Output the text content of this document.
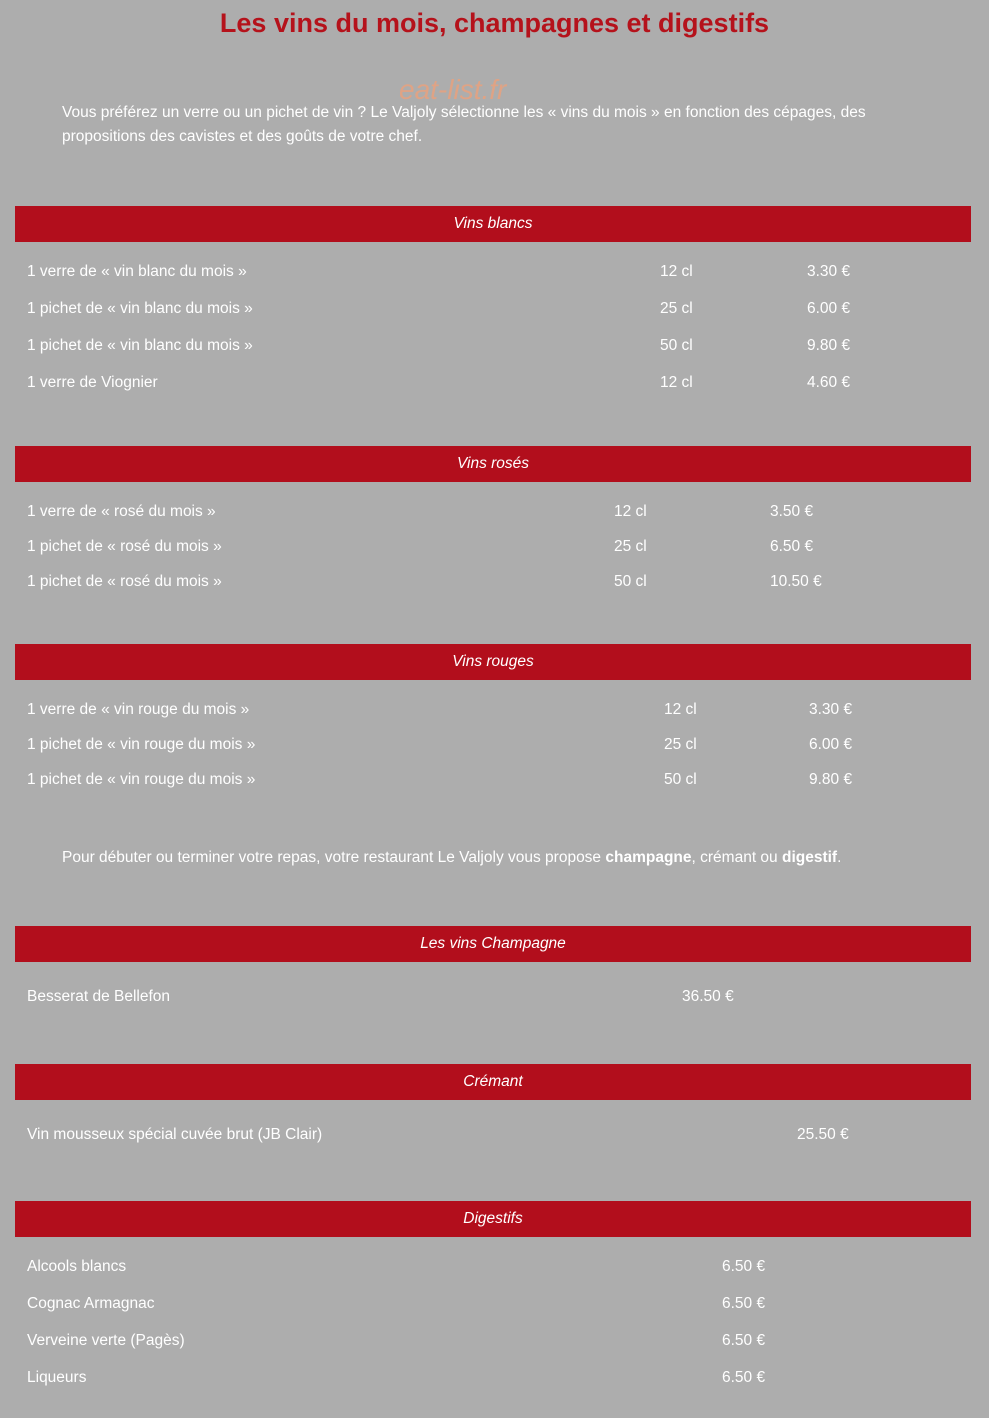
Les vins du mois, champagnes et digestifs
eat-list.fr

Vous préférez un verre ou un pichet de vin ? Le Valjoly sélectionne les « vins du mois » en fonction des cépages, des propositions des cavistes et des goûts de votre chef.

Vins blancs
1 verre de « vin blanc du mois »	12 cl	3.30 €
1 pichet de « vin blanc du mois »	25 cl	6.00 €
1 pichet de « vin blanc du mois »	50 cl	9.80 €
1 verre de Viognier	12 cl	4.60 €
Vins rosés
1 verre de « rosé du mois »	12 cl	3.50 €
1 pichet de « rosé du mois »	25 cl	6.50 €
1 pichet de « rosé du mois »	50 cl	10.50 €
Vins rouges
1 verre de « vin rouge du mois »	12 cl	3.30 €
1 pichet de « vin rouge du mois »	25 cl	6.00 €
1 pichet de « vin rouge du mois »	50 cl	9.80 €

Pour débuter ou terminer votre repas, votre restaurant Le Valjoly vous propose champagne, crémant ou digestif.

Les vins Champagne
Besserat de Bellefon	36.50 €
Crémant
Vin mousseux spécial cuvée brut (JB Clair)	25.50 €
Digestifs
Alcools blancs	6.50 €
Cognac Armagnac	6.50 €
Verveine verte (Pagès)	6.50 €
Liqueurs	6.50 €
